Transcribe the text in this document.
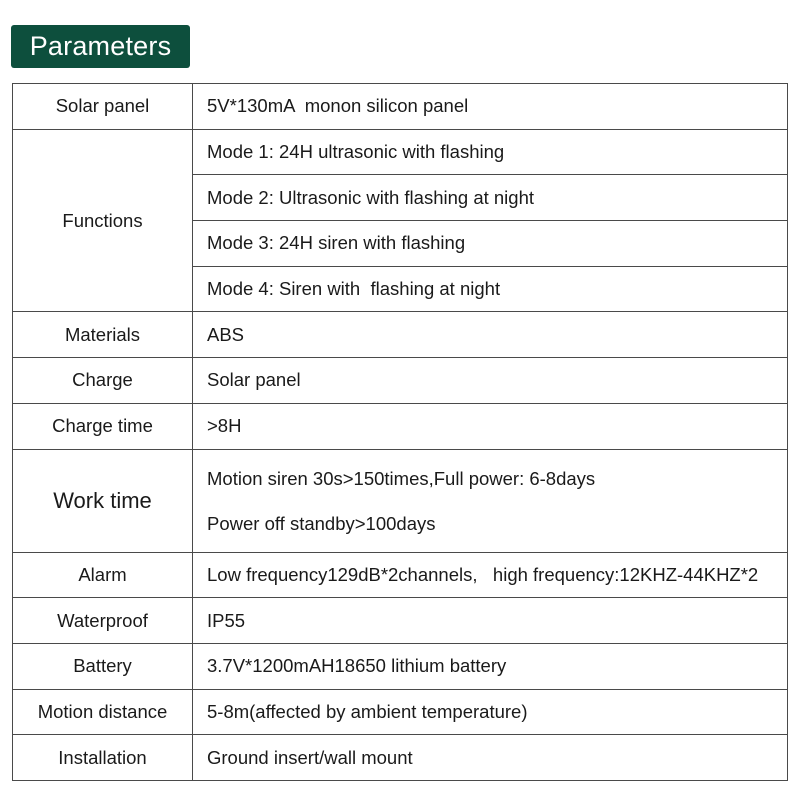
Parameters
Solar panel	5V*130mA  monon silicon panel
Functions	Mode 1: 24H ultrasonic with flashing
	Mode 2: Ultrasonic with flashing at night
	Mode 3: 24H siren with flashing
	Mode 4: Siren with  flashing at night
Materials	ABS
Charge	Solar panel
Charge time	>8H
Work time	Motion siren 30s>150times,Full power: 6-8days
Power off standby>100days

Alarm	Low frequency129dB*2channels,   high frequency:12KHZ-44KHZ*2
Waterproof	IP55
Battery	3.7V*1200mAH18650 lithium battery
Motion distance	5-8m(affected by ambient temperature)
Installation	Ground insert/wall mount
